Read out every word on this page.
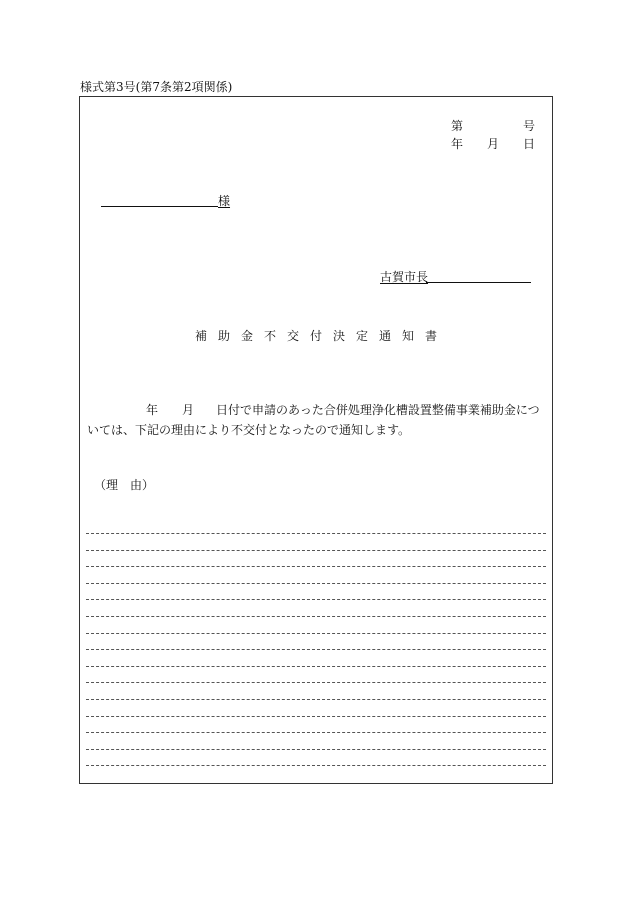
様式第3号(第7条第2項関係)
第	号
年 月 日
様
古賀市長
補助金不交付決定通知書
年 月 日付で申請のあった合併処理浄化槽設置整備事業補助金につ
いては、下記の理由により不交付となったので通知します。
（理　由）
